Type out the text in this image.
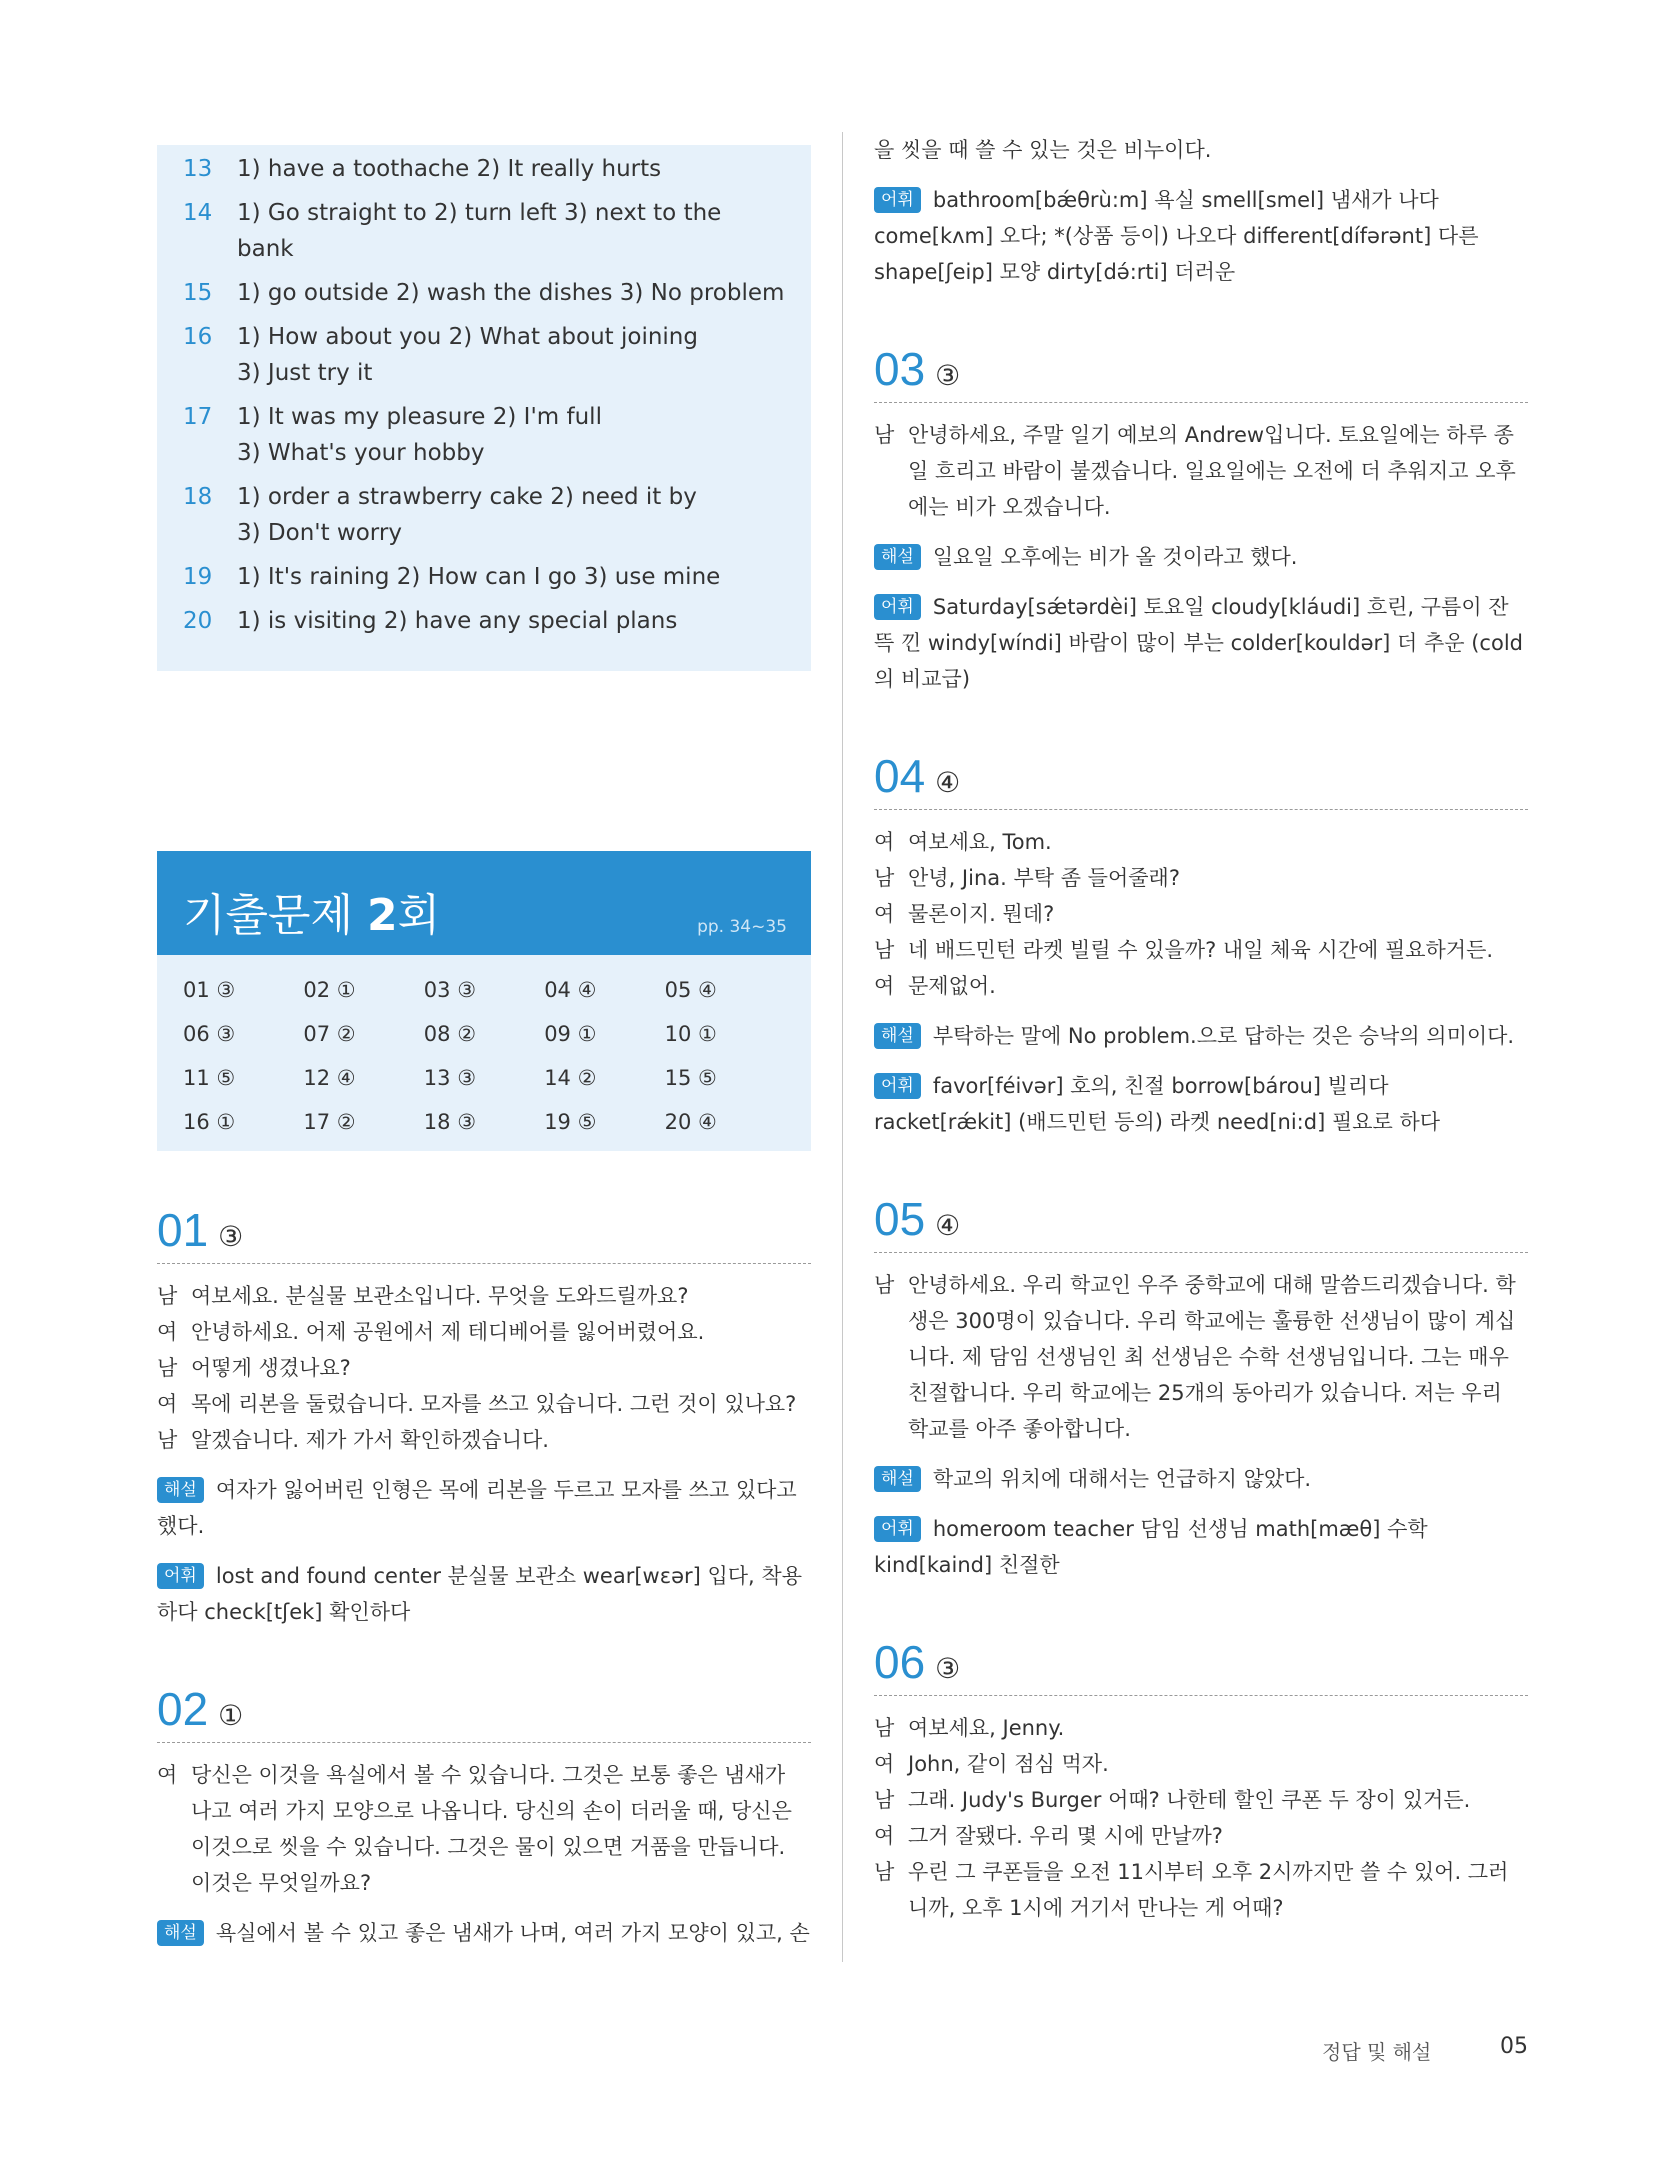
13	1) have a toothache 2) It really hurts
14	1) Go straight to 2) turn left 3) next to the bank
15	1) go outside 2) wash the dishes 3) No problem
16	1) How about you 2) What about joining
3) Just try it
17	1) It was my pleasure 2) I'm full
3) What's your hobby
18	1) order a strawberry cake 2) need it by
3) Don't worry
19	1) It's raining 2) How can I go 3) use mine
20	1) is visiting 2) have any special plans
기출문제 2회	pp. 34~35
01 ③	02 ①	03 ③	04 ④	05 ④
06 ③	07 ②	08 ②	09 ①	10 ①
11 ⑤	12 ④	13 ③	14 ②	15 ⑤
16 ①	17 ②	18 ③	19 ⑤	20 ④
01 ③
남 여보세요. 분실물 보관소입니다. 무엇을 도와드릴까요?
여 안녕하세요. 어제 공원에서 제 테디베어를 잃어버렸어요.
남 어떻게 생겼나요?
여 목에 리본을 둘렀습니다. 모자를 쓰고 있습니다. 그런 것이 있나요?
남 알겠습니다. 제가 가서 확인하겠습니다.
해설 여자가 잃어버린 인형은 목에 리본을 두르고 모자를 쓰고 있다고 했다.
어휘 lost and found center 분실물 보관소 wear[wɛər] 입다, 착용하다 check[tʃek] 확인하다
02 ①
여 당신은 이것을 욕실에서 볼 수 있습니다. 그것은 보통 좋은 냄새가 나고 여러 가지 모양으로 나옵니다. 당신의 손이 더러울 때, 당신은 이것으로 씻을 수 있습니다. 그것은 물이 있으면 거품을 만듭니다. 이것은 무엇일까요?
해설 욕실에서 볼 수 있고 좋은 냄새가 나며, 여러 가지 모양이 있고, 손
을 씻을 때 쓸 수 있는 것은 비누이다.
어휘 bathroom[bǽθrù:m] 욕실 smell[smel] 냄새가 나다 come[kʌm] 오다; *(상품 등이) 나오다 different[dífərənt] 다른 shape[ʃeip] 모양 dirty[də́:rti] 더러운
03 ③
남 안녕하세요, 주말 일기 예보의 Andrew입니다. 토요일에는 하루 종일 흐리고 바람이 불겠습니다. 일요일에는 오전에 더 추워지고 오후에는 비가 오겠습니다.
해설 일요일 오후에는 비가 올 것이라고 했다.
어휘 Saturday[sǽtərdèi] 토요일 cloudy[kláudi] 흐린, 구름이 잔뜩 낀 windy[wíndi] 바람이 많이 부는 colder[kouldər] 더 추운 (cold의 비교급)
04 ④
여 여보세요, Tom.
남 안녕, Jina. 부탁 좀 들어줄래?
여 물론이지. 뭔데?
남 네 배드민턴 라켓 빌릴 수 있을까? 내일 체육 시간에 필요하거든.
여 문제없어.
해설 부탁하는 말에 No problem.으로 답하는 것은 승낙의 의미이다.
어휘 favor[féivər] 호의, 친절 borrow[bárou] 빌리다 racket[rǽkit] (배드민턴 등의) 라켓 need[ni:d] 필요로 하다
05 ④
남 안녕하세요. 우리 학교인 우주 중학교에 대해 말씀드리겠습니다. 학생은 300명이 있습니다. 우리 학교에는 훌륭한 선생님이 많이 계십니다. 제 담임 선생님인 최 선생님은 수학 선생님입니다. 그는 매우 친절합니다. 우리 학교에는 25개의 동아리가 있습니다. 저는 우리 학교를 아주 좋아합니다.
해설 학교의 위치에 대해서는 언급하지 않았다.
어휘 homeroom teacher 담임 선생님 math[mæθ] 수학 kind[kaind] 친절한
06 ③
남 여보세요, Jenny.
여 John, 같이 점심 먹자.
남 그래. Judy's Burger 어때? 나한테 할인 쿠폰 두 장이 있거든.
여 그거 잘됐다. 우리 몇 시에 만날까?
남 우린 그 쿠폰들을 오전 11시부터 오후 2시까지만 쓸 수 있어. 그러니까, 오후 1시에 거기서 만나는 게 어때?
정답 및 해설	05
